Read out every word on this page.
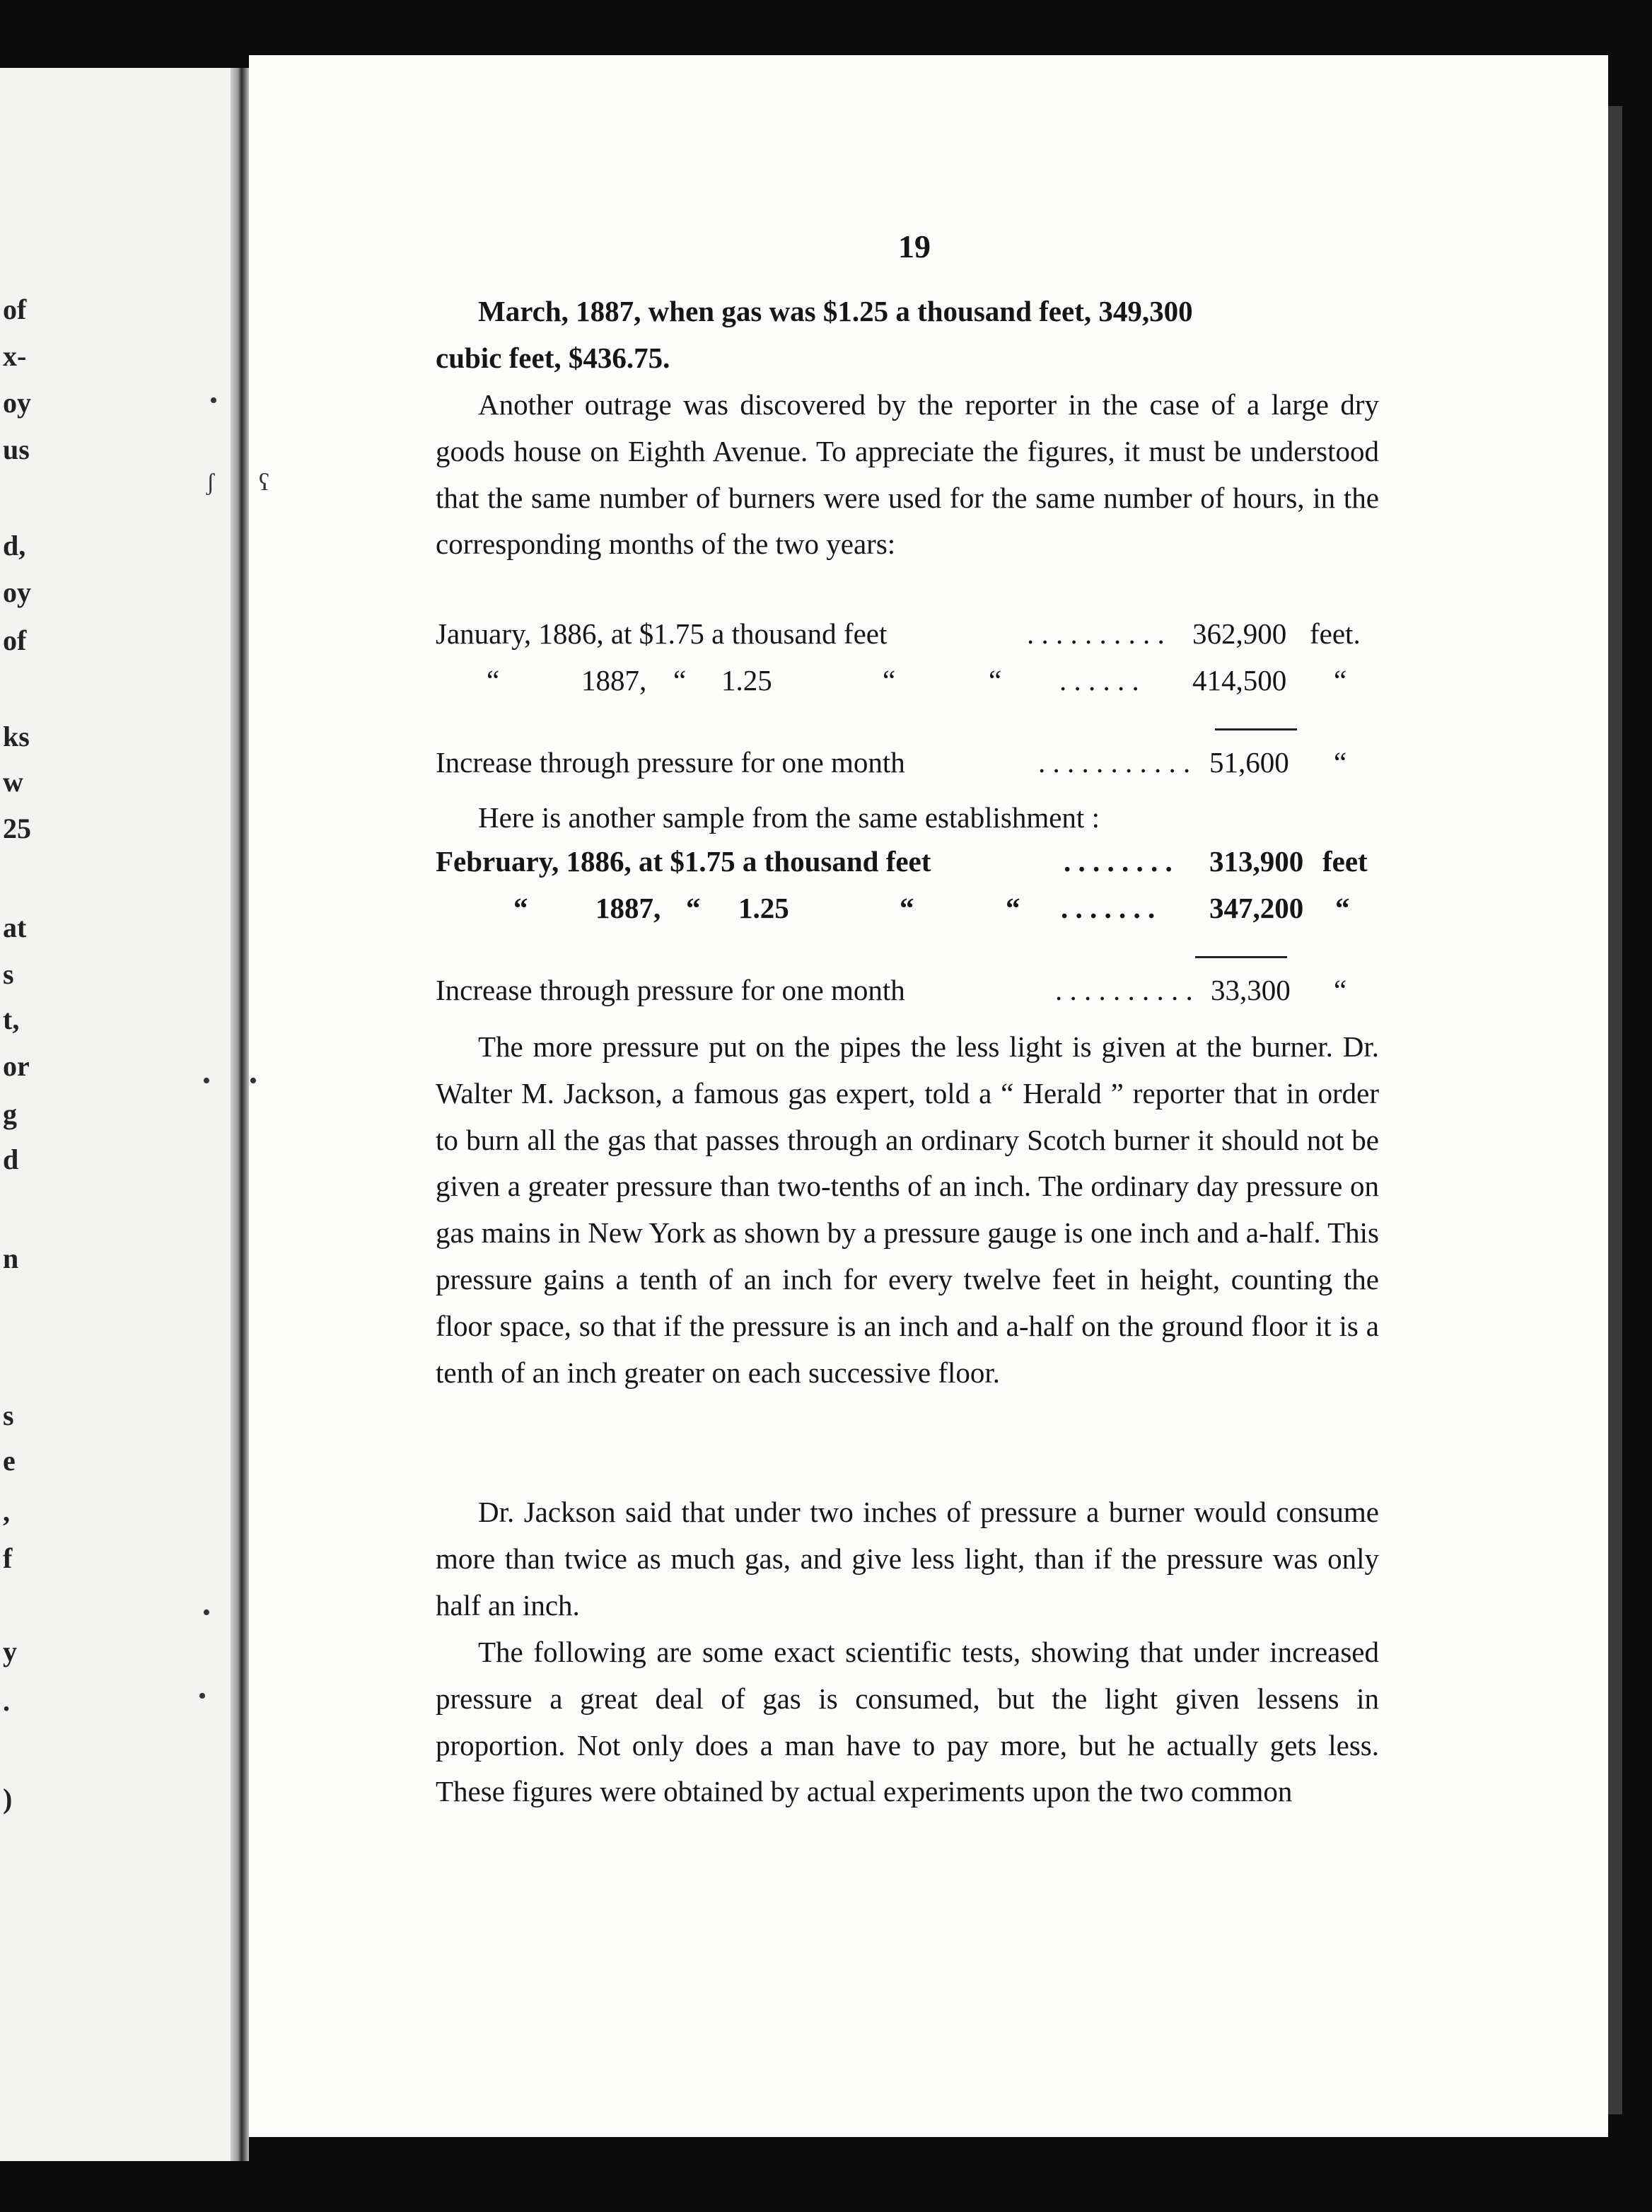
of
x-
oy
us
d,
oy
of
ks
w
25
at
s
t,
or
g
d
n
s
e
,
f
y
.
)
•
ʃ ʕ
• •
•
•
19

March, 1887, when gas was $1.25 a thousand feet, 349,300

cubic feet, $436.75.

Another outrage was discovered by the reporter in the case of a large dry goods house on Eighth Avenue. To appreciate the figures, it must be understood that the same number of burners were used for the same number of hours, in the corresponding months of the two years:

January, 1886, at $1.75 a thousand feet	. . . . . . . . . . 362,900 feet.
“	1887, “ 1.25	“	“ . . . . . . 414,500 “
Increase through pressure for one month	. . . . . . . . . . . 51,600 “

Here is another sample from the same establishment :

February, 1886, at $1.75 a thousand feet	. . . . . . . . 313,900 feet
“ 1887, “ 1.25	“	“ . . . . . . . 347,200 “
Increase through pressure for one month	. . . . . . . . . . 33,300 “

The more pressure put on the pipes the less light is given at the burner. Dr. Walter M. Jackson, a famous gas expert, told a “ Herald ” reporter that in order to burn all the gas that passes through an ordinary Scotch burner it should not be given a greater pressure than two-tenths of an inch. The ordinary day pressure on gas mains in New York as shown by a pressure gauge is one inch and a-half. This pressure gains a tenth of an inch for every twelve feet in height, counting the floor space, so that if the pressure is an inch and a-half on the ground floor it is a tenth of an inch greater on each successive floor.

Dr. Jackson said that under two inches of pressure a burner would consume more than twice as much gas, and give less light, than if the pressure was only half an inch.

The following are some exact scientific tests, showing that under increased pressure a great deal of gas is consumed, but the light given lessens in proportion. Not only does a man have to pay more, but he actually gets less. These figures were obtained by actual experiments upon the two common
